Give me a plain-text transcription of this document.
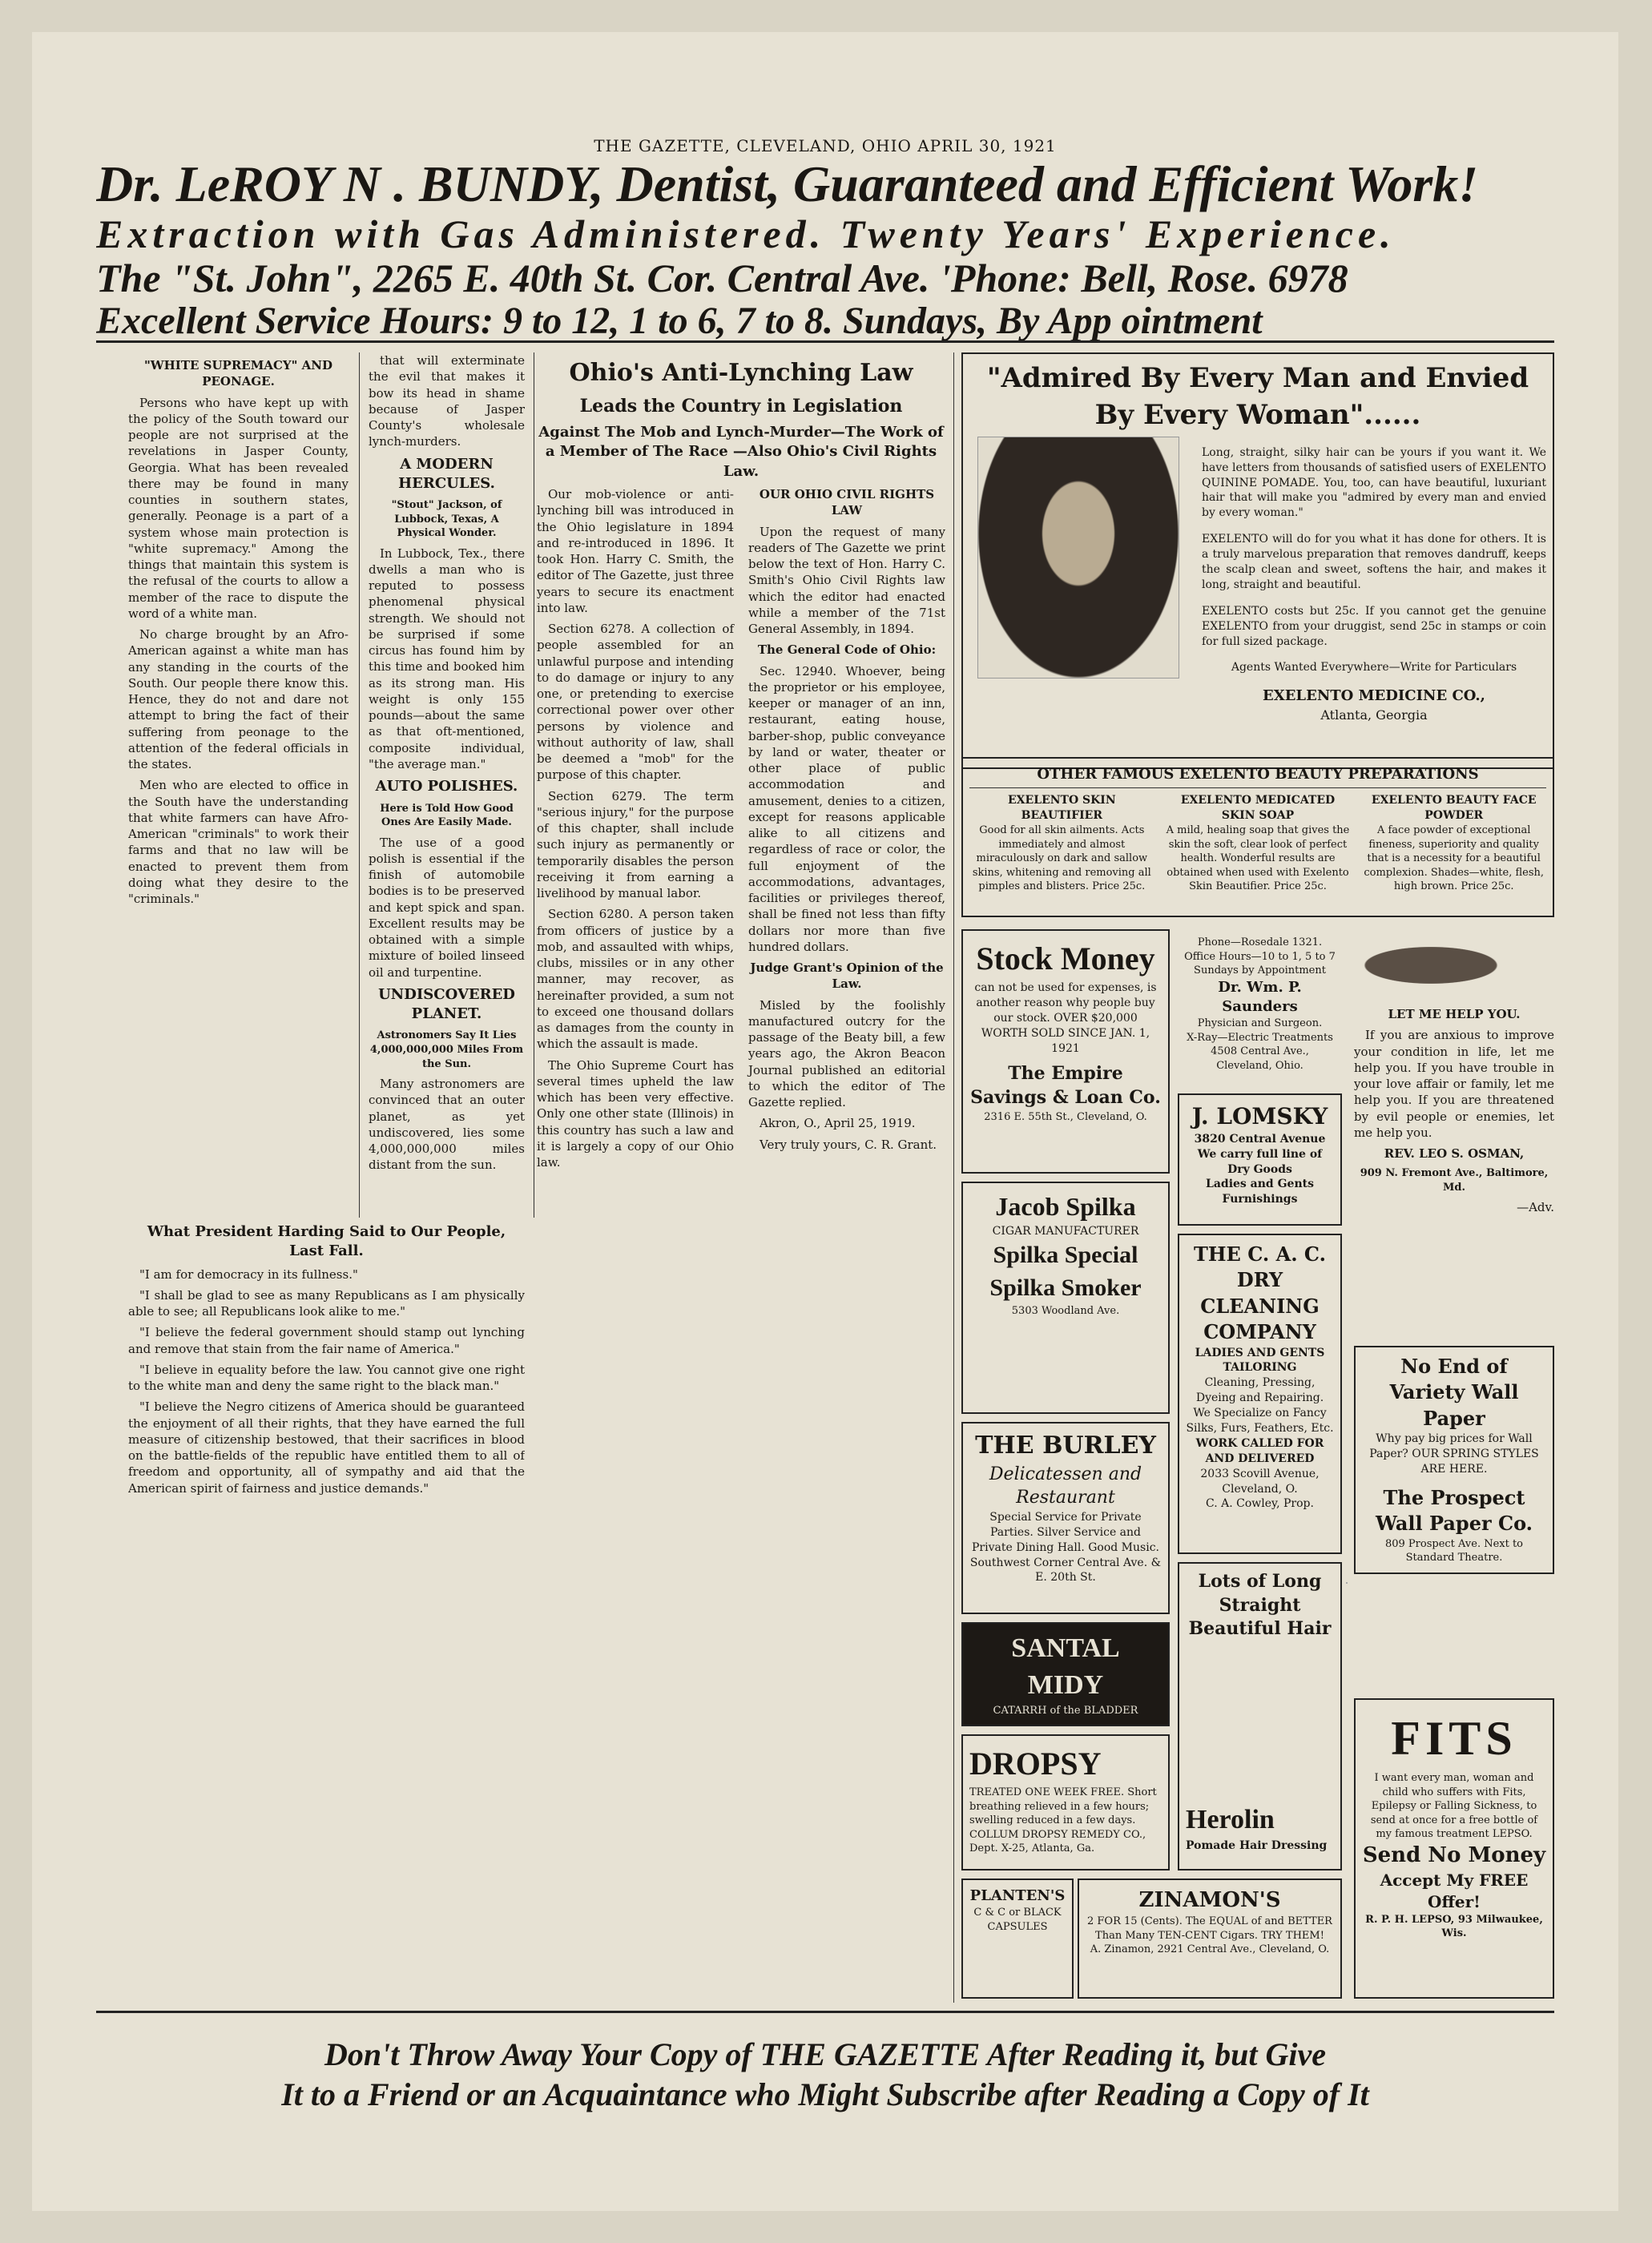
THE GAZETTE, CLEVELAND, OHIO APRIL 30, 1921
Dr. LeROY N . BUNDY, Dentist, Guaranteed and Efficient Work!
Extraction with Gas Administered. Twenty Years' Experience.
The "St. John", 2265 E. 40th St. Cor. Central Ave. 'Phone: Bell, Rose. 6978
Excellent Service Hours: 9 to 12, 1 to 6, 7 to 8. Sundays, By App ointment
"WHITE SUPREMACY" AND PEONAGE.

Persons who have kept up with the policy of the South toward our people are not surprised at the revelations in Jasper County, Georgia. What has been revealed there may be found in many counties in southern states, generally. Peonage is a part of a system whose main protection is "white supremacy." Among the things that maintain this system is the refusal of the courts to allow a member of the race to dispute the word of a white man.

No charge brought by an Afro-American against a white man has any standing in the courts of the South. Our people there know this. Hence, they do not and dare not attempt to bring the fact of their suffering from peonage to the attention of the federal officials in the states.

Men who are elected to office in the South have the understanding that white farmers can have Afro-American "criminals" to work their farms and that no law will be enacted to prevent them from doing what they desire to the "criminals."

that will exterminate the evil that makes it bow its head in shame because of Jasper County's wholesale lynch-murders.

A MODERN HERCULES.
"Stout" Jackson, of Lubbock, Texas, A Physical Wonder.

In Lubbock, Tex., there dwells a man who is reputed to possess phenomenal physical strength. We should not be surprised if some circus has found him by this time and booked him as its strong man. His weight is only 155 pounds—about the same as that oft-mentioned, composite individual, "the average man."

AUTO POLISHES.
Here is Told How Good Ones Are Easily Made.

The use of a good polish is essential if the finish of automobile bodies is to be preserved and kept spick and span. Excellent results may be obtained with a simple mixture of boiled linseed oil and turpentine.

UNDISCOVERED PLANET.
Astronomers Say It Lies 4,000,000,000 Miles From the Sun.

Many astronomers are convinced that an outer planet, as yet undiscovered, lies some 4,000,000,000 miles distant from the sun.

What President Harding Said to Our People, Last Fall.

"I am for democracy in its fullness."

"I shall be glad to see as many Republicans as I am physically able to see; all Republicans look alike to me."

"I believe the federal government should stamp out lynching and remove that stain from the fair name of America."

"I believe in equality before the law. You cannot give one right to the white man and deny the same right to the black man."

"I believe the Negro citizens of America should be guaranteed the enjoyment of all their rights, that they have earned the full measure of citizenship bestowed, that their sacrifices in blood on the battle-fields of the republic have entitled them to all of freedom and opportunity, all of sympathy and aid that the American spirit of fairness and justice demands."

Ohio's Anti-Lynching Law
Leads the Country in Legislation
Against The Mob and Lynch-Murder—The Work of a Member of The Race —Also Ohio's Civil Rights Law.

Our mob-violence or anti-lynching bill was introduced in the Ohio legislature in 1894 and re-introduced in 1896. It took Hon. Harry C. Smith, the editor of The Gazette, just three years to secure its enactment into law.

Section 6278. A collection of people assembled for an unlawful purpose and intending to do damage or injury to any one, or pretending to exercise correctional power over other persons by violence and without authority of law, shall be deemed a "mob" for the purpose of this chapter.

Section 6279. The term "serious injury," for the purpose of this chapter, shall include such injury as permanently or temporarily disables the person receiving it from earning a livelihood by manual labor.

Section 6280. A person taken from officers of justice by a mob, and assaulted with whips, clubs, missiles or in any other manner, may recover, as hereinafter provided, a sum not to exceed one thousand dollars as damages from the county in which the assault is made.

The Ohio Supreme Court has several times upheld the law which has been very effective. Only one other state (Illinois) in this country has such a law and it is largely a copy of our Ohio law.

OUR OHIO CIVIL RIGHTS LAW

Upon the request of many readers of The Gazette we print below the text of Hon. Harry C. Smith's Ohio Civil Rights law which the editor had enacted while a member of the 71st General Assembly, in 1894.

The General Code of Ohio:

Sec. 12940. Whoever, being the proprietor or his employee, keeper or manager of an inn, restaurant, eating house, barber-shop, public conveyance by land or water, theater or other place of public accommodation and amusement, denies to a citizen, except for reasons applicable alike to all citizens and regardless of race or color, the full enjoyment of the accommodations, advantages, facilities or privileges thereof, shall be fined not less than fifty dollars nor more than five hundred dollars.

Judge Grant's Opinion of the Law.

Misled by the foolishly manufactured outcry for the passage of the Beaty bill, a few years ago, the Akron Beacon Journal published an editorial to which the editor of The Gazette replied.

Akron, O., April 25, 1919.

Very truly yours, C. R. Grant.

"Admired By Every Man and Envied By Every Woman"......

Long, straight, silky hair can be yours if you want it. We have letters from thousands of satisfied users of EXELENTO QUININE POMADE. You, too, can have beautiful, luxuriant hair that will make you "admired by every man and envied by every woman."

EXELENTO will do for you what it has done for others. It is a truly marvelous preparation that removes dandruff, keeps the scalp clean and sweet, softens the hair, and makes it long, straight and beautiful.

EXELENTO costs but 25c. If you cannot get the genuine EXELENTO from your druggist, send 25c in stamps or coin for full sized package.

Agents Wanted Everywhere—Write for Particulars

EXELENTO MEDICINE CO.,
Atlanta, Georgia
OTHER FAMOUS EXELENTO BEAUTY PREPARATIONS
EXELENTO SKIN BEAUTIFIER
Good for all skin ailments. Acts immediately and almost miraculously on dark and sallow skins, whitening and removing all pimples and blisters. Price 25c.
EXELENTO MEDICATED SKIN SOAP
A mild, healing soap that gives the skin the soft, clear look of perfect health. Wonderful results are obtained when used with Exelento Skin Beautifier. Price 25c.
EXELENTO BEAUTY FACE POWDER
A face powder of exceptional fineness, superiority and quality that is a necessity for a beautiful complexion. Shades—white, flesh, high brown. Price 25c.
Stock Money
can not be used for expenses, is another reason why people buy our stock. OVER $20,000 WORTH SOLD SINCE JAN. 1, 1921
The Empire Savings & Loan Co.
2316 E. 55th St., Cleveland, O.
Jacob Spilka
CIGAR MANUFACTURER
Spilka Special
Spilka Smoker
5303 Woodland Ave.
THE BURLEY
Delicatessen and Restaurant
Special Service for Private Parties. Silver Service and Private Dining Hall. Good Music. Southwest Corner Central Ave. & E. 20th St.
SANTAL
MIDY
CATARRH of the BLADDER
DROPSY
TREATED ONE WEEK FREE. Short breathing relieved in a few hours; swelling reduced in a few days.
COLLUM DROPSY REMEDY CO., Dept. X-25, Atlanta, Ga.
PLANTEN'S
C & C or BLACK CAPSULES
ZINAMON'S
2 FOR 15 (Cents). The EQUAL of and BETTER Than Many TEN-CENT Cigars. TRY THEM!
A. Zinamon, 2921 Central Ave., Cleveland, O.
Phone—Rosedale 1321.
Office Hours—10 to 1, 5 to 7 Sundays by Appointment
Dr. Wm. P. Saunders
Physician and Surgeon.
X-Ray—Electric Treatments
4508 Central Ave., Cleveland, Ohio.
J. LOMSKY
3820 Central Avenue
We carry full line of Dry Goods
Ladies and Gents Furnishings
THE C. A. C. DRY CLEANING COMPANY
LADIES AND GENTS TAILORING
Cleaning, Pressing, Dyeing and Repairing. We Specialize on Fancy Silks, Furs, Feathers, Etc.
WORK CALLED FOR AND DELIVERED
2033 Scovill Avenue, Cleveland, O.
C. A. Cowley, Prop.
Lots of Long Straight Beautiful Hair
Herolin
Pomade Hair Dressing
LET ME HELP YOU.

If you are anxious to improve your condition in life, let me help you. If you have trouble in your love affair or family, let me help you. If you are threatened by evil people or enemies, let me help you.

REV. LEO S. OSMAN,
909 N. Fremont Ave., Baltimore, Md.
—Adv.
No End of Variety Wall Paper
Why pay big prices for Wall Paper? OUR SPRING STYLES ARE HERE.
The Prospect Wall Paper Co.
809 Prospect Ave. Next to Standard Theatre.
FITS
I want every man, woman and child who suffers with Fits, Epilepsy or Falling Sickness, to send at once for a free bottle of my famous treatment LEPSO.
Send No Money
Accept My FREE Offer!
R. P. H. LEPSO, 93 Milwaukee, Wis.
Don't Throw Away Your Copy of THE GAZETTE After Reading it, but Give
It to a Friend or an Acquaintance who Might Subscribe after Reading a Copy of It
